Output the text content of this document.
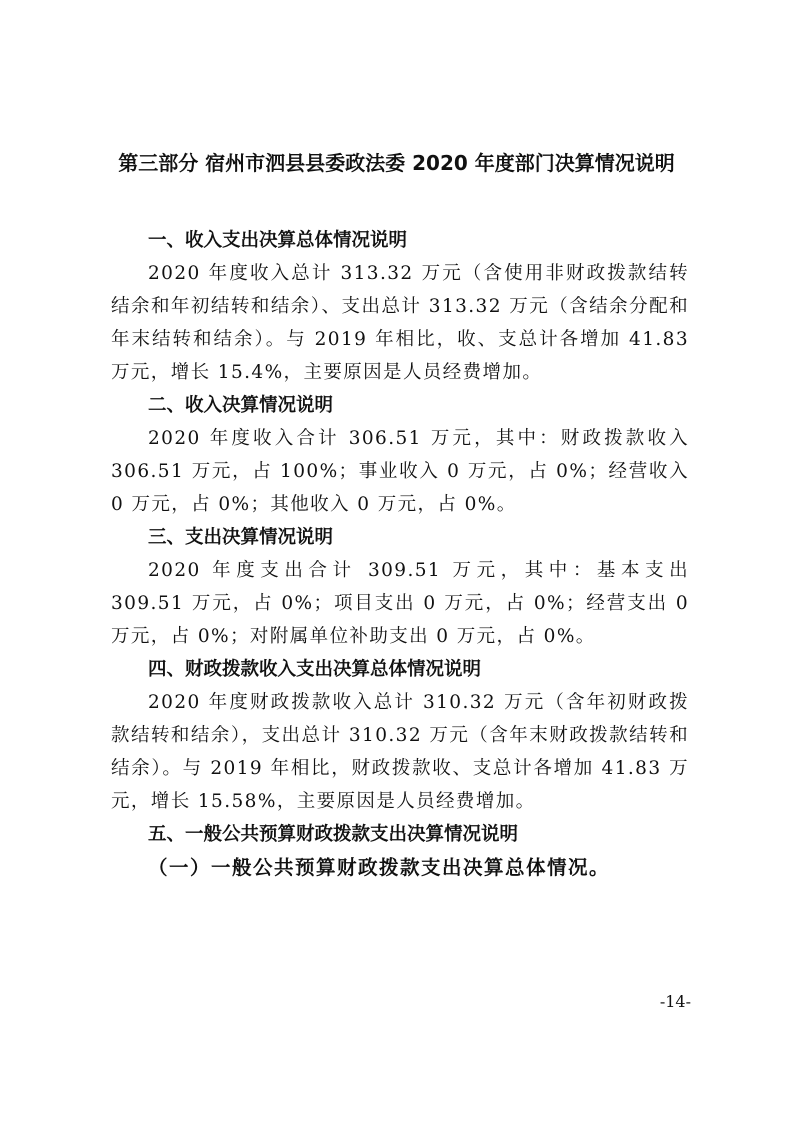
第三部分 宿州市泗县县委政法委 2020 年度部门决算情况说明

一、收入支出决算总体情况说明

2020 年度收入总计 313.32 万元（含使用非财政拨款结转结余和年初结转和结余）、支出总计 313.32 万元（含结余分配和年末结转和结余）。与 2019 年相比，收、支总计各增加 41.83 万元，增长 15.4%，主要原因是人员经费增加。

二、收入决算情况说明

2020 年度收入合计 306.51 万元，其中：财政拨款收入 306.51 万元，占 100%；事业收入 0 万元，占 0%；经营收入 0 万元，占 0%；其他收入 0 万元，占 0%。

三、支出决算情况说明

2020 年度支出合计 309.51 万元，其中：基本支出 309.51 万元，占 0%；项目支出 0 万元，占 0%；经营支出 0 万元，占 0%；对附属单位补助支出 0 万元，占 0%。

四、财政拨款收入支出决算总体情况说明

2020 年度财政拨款收入总计 310.32 万元（含年初财政拨款结转和结余），支出总计 310.32 万元（含年末财政拨款结转和结余）。与 2019 年相比，财政拨款收、支总计各增加 41.83 万元，增长 15.58%，主要原因是人员经费增加。

五、一般公共预算财政拨款支出决算情况说明

（一）一般公共预算财政拨款支出决算总体情况。

-14-
